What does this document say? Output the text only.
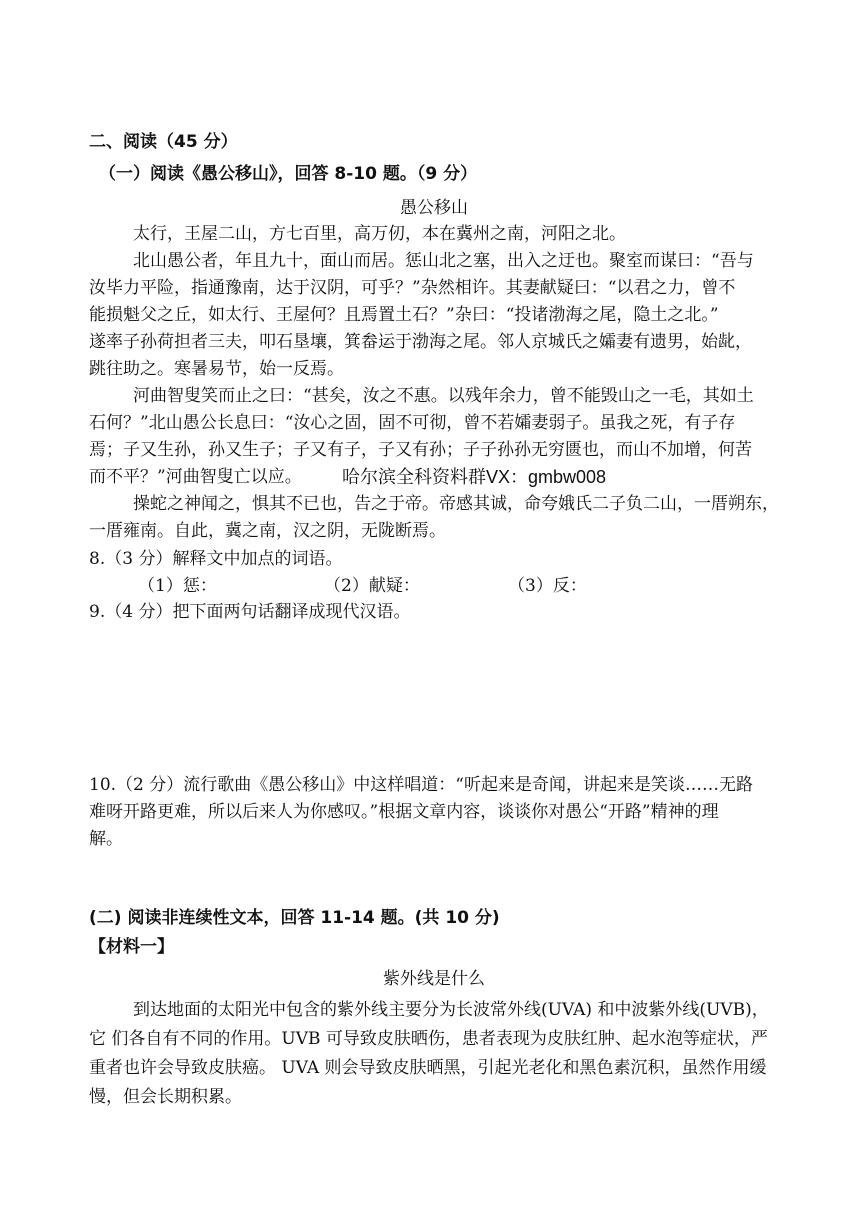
二、阅读（45 分）
（一）阅读《愚公移山》，回答 8-10 题。（9 分）
愚公移山
太行，王屋二山，方七百里，高万仞，本在冀州之南，河阳之北。
北山愚公者，年且九十，面山而居。惩山北之塞，出入之迂也。聚室而谋曰：“吾与
汝毕力平险，指通豫南，达于汉阴，可乎？”杂然相许。其妻献疑曰：“以君之力，曾不
能损魁父之丘，如太行、王屋何？且焉置土石？”杂曰：“投诸渤海之尾，隐土之北。”
遂率子孙荷担者三夫，叩石垦壤，箕畚运于渤海之尾。邻人京城氏之孀妻有遗男，始龀，
跳往助之。寒暑易节，始一反焉。
河曲智叟笑而止之曰：“甚矣，汝之不惠。以残年余力，曾不能毁山之一毛，其如土
石何？”北山愚公长息曰：“汝心之固，固不可彻，曾不若孀妻弱子。虽我之死，有子存
焉；子又生孙，孙又生子；子又有子，子又有孙；子子孙孙无穷匮也，而山不加增，何苦
而不平？”河曲智叟亡以应。 哈尔滨全科资料群VX：gmbw008
操蛇之神闻之，惧其不已也，告之于帝。帝感其诚，命夸娥氏二子负二山，一厝朔东，
一厝雍南。自此，冀之南，汉之阴，无陇断焉。
8.（3 分）解释文中加点的词语。
（1）惩：	（2）献疑：	（3）反：
9.（4 分）把下面两句话翻译成现代汉语。
10.（2 分）流行歌曲《愚公移山》中这样唱道：“听起来是奇闻，讲起来是笑谈……无路
难呀开路更难，所以后来人为你感叹。”根据文章内容，谈谈你对愚公“开路”精神的理
解。
(二) 阅读非连续性文本，回答 11-14 题。(共 10 分)
【材料一】
紫外线是什么
到达地面的太阳光中包含的紫外线主要分为长波常外线(UVA) 和中波紫外线(UVB)，
它 们各自有不同的作用。UVB 可导致皮肤晒伤，患者表现为皮肤红肿、起水泡等症状，严
重者也许会导致皮肤癌。 UVA 则会导致皮肤晒黑，引起光老化和黑色素沉积，虽然作用缓
慢，但会长期积累。
